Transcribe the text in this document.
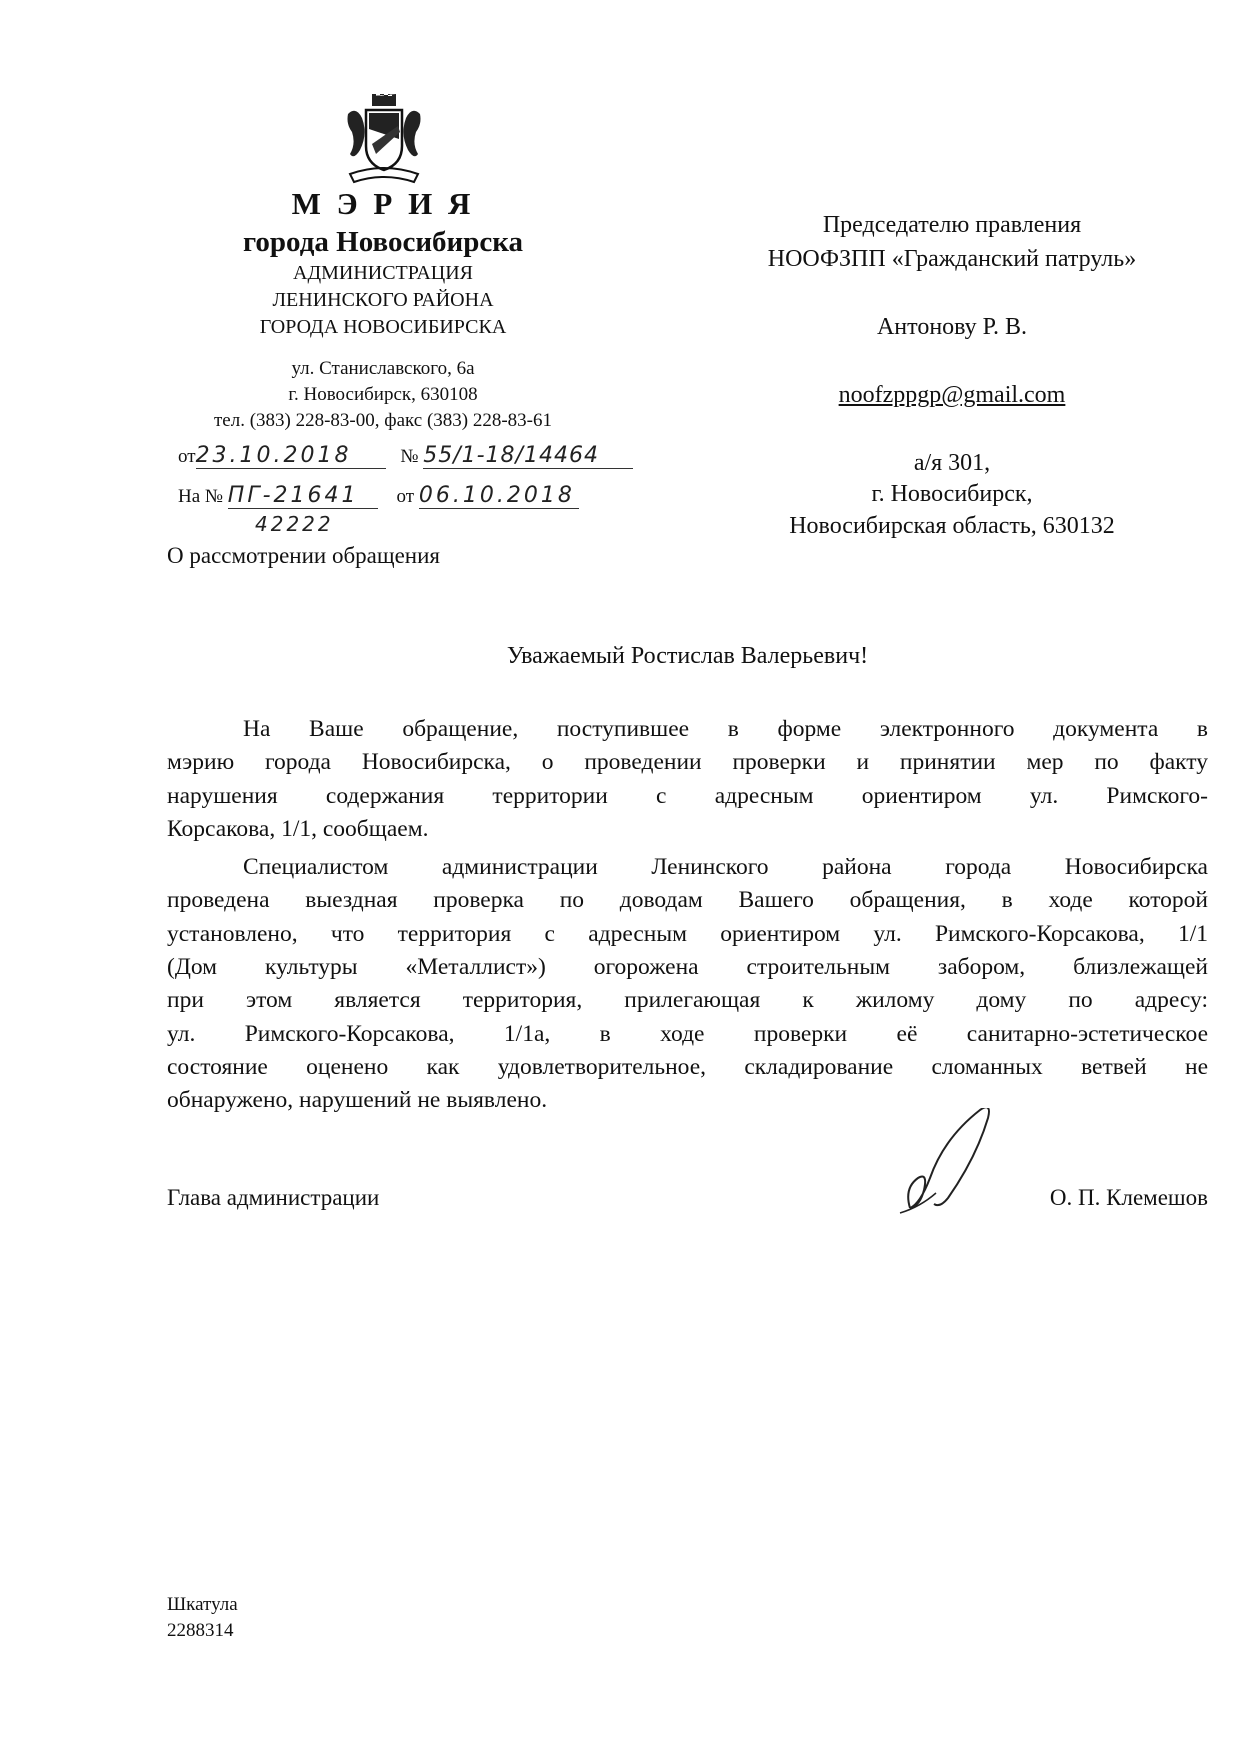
М Э Р И Я
города Новосибирска
АДМИНИСТРАЦИЯ
ЛЕНИНСКОГО РАЙОНА
ГОРОДА НОВОСИБИРСКА
ул. Станиславского, 6а
г. Новосибирск, 630108
тел. (383) 228-83-00, факс (383) 228-83-61
от23.10.2018	№ 55/1-18/14464
На № ПГ-21641 от 06.10.2018
42222
О рассмотрении обращения
Председателю правления
НООФЗПП «Гражданский патруль»
Антонову Р. В.
noofzppgp@gmail.com
а/я 301,
г. Новосибирск,
Новосибирская область, 630132
Уважаемый Ростислав Валерьевич!
На Ваше обращение, поступившее в форме электронного документа в
мэрию города Новосибирска, о проведении проверки и принятии мер по факту
нарушения содержания территории с адресным ориентиром ул. Римского-
Корсакова, 1/1, сообщаем.
Специалистом администрации Ленинского района города Новосибирска
проведена выездная проверка по доводам Вашего обращения, в ходе которой
установлено, что территория с адресным ориентиром ул. Римского-Корсакова, 1/1
(Дом культуры «Металлист») огорожена строительным забором, близлежащей
при этом является территория, прилегающая к жилому дому по адресу:
ул. Римского-Корсакова, 1/1а, в ходе проверки её санитарно-эстетическое
состояние оценено как удовлетворительное, складирование сломанных ветвей не
обнаружено, нарушений не выявлено.
Глава администрации	О. П. Клемешов
Шкатула
2288314
